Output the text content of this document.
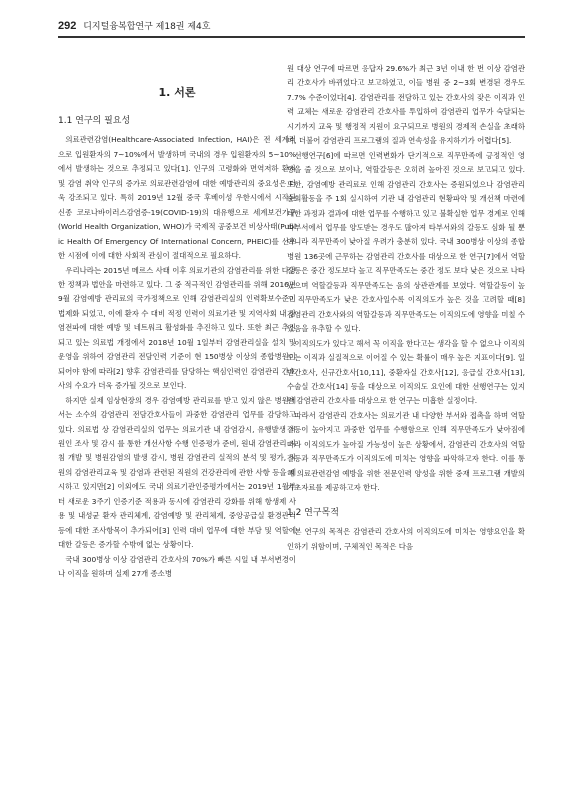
292 디지털융복합연구 제18권 제4호
1. 서론
1.1 연구의 필요성

의료관련감염(Healthcare-Associated Infection, HAI)은 전 세계적으로 입원환자의 7~10%에서 발생하며 국내의 경우 입원환자의 5~10%에서 발생하는 것으로 추정되고 있다[1]. 인구의 고령화와 면역저하 환자 및 감염 취약 인구의 증가로 의료관련감염에 대한 예방관리의 중요성은 더욱 강조되고 있다. 특히 2019년 12월 중국 후베이성 우한시에서 시작된 신종 코로나바이러스감염증-19(COVID-19)의 대유행으로 세계보건기구(World Health Organization, WHO)가 국제적 공중보건 비상사태(Public Health Of Emergency Of International Concern, PHEIC)를 선포한 시점에 이에 대한 사회적 관심이 절대적으로 필요하다.

우리나라는 2015년 메르스 사태 이후 의료기관의 감염관리를 위한 다양한 정책과 법안을 마련하고 있다. 그 중 적극적인 감염관리를 위해 2016년 9월 감염예방 관리료의 국가정책으로 인해 감염관리실의 인력확보수준이 법제화 되었고, 이에 환자 수 대비 적정 인력이 의료기관 및 지역사회 내 감염전파에 대한 예방 및 네트워크 활성화를 추진하고 있다. 또한 최근 추진되고 있는 의료법 개정에서 2018년 10월 1일부터 감염관리실을 설치 및 운영을 위하여 감염관리 전담인력 기준이 현 150병상 이상의 종합병원이 되어야 함에 따라[2] 향후 감염관리를 담당하는 핵심인력인 감염관리 간호사의 수요가 더욱 증가될 것으로 보인다.

하지만 실제 임상현장의 경우 감염예방 관리료를 받고 있지 않은 병원에서는 소수의 감염관리 전담간호사들이 과중한 감염관리 업무를 감당하고 있다. 의료법 상 감염관리실의 업무는 의료기관 내 감염감시, 유행발생 시 원인 조사 및 감시 를 통한 개선사항 수행 인증평가 준비, 원내 감염관리 지침 개발 및 병원감염의 발생 감시, 병원 감염관리 실적의 분석 및 평가, 직원의 감염관리교육 및 감염과 관련된 직원의 건강관리에 관한 사항 등을 제시하고 있지만[2] 이외에도 국내 의료기관인증평가에서는 2019년 1월부터 새로운 3주기 인증기준 적용과 동시에 감염관리 강화를 위해 항생제 사용 및 내성균 환자 관리체계, 감염예방 및 관리체계, 중앙공급실 환경관리 등에 대한 조사항목이 추가되어[3] 인력 대비 업무에 대한 부담 및 역할에 대한 갈등은 증가할 수밖에 없는 상황이다.

국내 300병상 이상 감염관리 간호사의 70%가 빠른 시일 내 부서변경이나 이직을 원하며 실제 27개 종소병

원 대상 연구에 따르면 응답자 29.6%가 최근 3년 이내 한 번 이상 감염관리 간호사가 바뀌었다고 보고하였고, 이들 병원 중 2~3회 변경된 경우도 7.7% 수준이었다[4]. 감염관리를 전담하고 있는 간호사의 잦은 이직과 인력 교체는 새로운 감염관리 간호사를 투입하여 감염관리 업무가 숙달되는 시기까지 교육 및 행정적 지원이 요구되므로 병원의 경제적 손실을 초래하며, 더불어 감염관리 프로그램의 질과 연속성을 유지하기가 어렵다[5].

선행연구[6]에 따르면 인력변화가 단기적으로 직무만족에 긍정적인 영향을 줄 것으로 보이나, 역할갈등은 오히려 높아진 것으로 보고되고 있다. 또한, 감염예방 관리료로 인해 감염관리 간호사는 증원되었으나 감염관리 순회활동을 주 1회 실시하여 기관 내 감염관리 현황파악 및 개선책 마련에 대한 과정과 결과에 대한 업무를 수행하고 있고 불확실한 업무 경계로 인해 타부서에서 업무를 양도받는 경우도 많아져 타부서와의 갈등도 심화 될 뿐 아니라 직무만족이 낮아질 우려가 충분히 있다. 국내 300병상 이상의 종합병원 136곳에 근무하는 감염관리 간호사를 대상으로 한 연구[7]에서 역할갈등은 중간 정도보다 높고 직무만족도는 중간 정도 보다 낮은 것으로 나타났으며 역할갈등과 직무만족도는 음의 상관관계를 보였다. 역할갈등이 높고 직무만족도가 낮은 간호사일수록 이직의도가 높은 것을 고려할 때[8] 감염관리 간호사와의 역할갈등과 직무만족도는 이직의도에 영향을 미칠 수 있음을 유추할 수 있다.

이직의도가 있다고 해서 꼭 이직을 한다고는 생각을 할 수 없으나 이직의도는 이직과 실질적으로 이어질 수 있는 확률이 매우 높은 지표이다[9]. 일반간호사, 신규간호사[10,11], 중환자실 간호사[12], 응급실 간호사[13], 수술실 간호사[14] 등을 대상으로 이직의도 요인에 대한 선행연구는 있지만 감염관리 간호사를 대상으로 한 연구는 미흡한 실정이다.

따라서 감염관리 간호사는 의료기관 내 다양한 부서와 접촉을 하며 역할갈등이 높아지고 과중한 업무를 수행함으로 인해 직무만족도가 낮아짐에 따라 이직의도가 높아질 가능성이 높은 상황에서, 감염관리 간호사의 역할갈등과 직무만족도가 이직의도에 미치는 영향을 파악하고자 한다. 이를 통해 의료관련감염 예방을 위한 전문인력 양성을 위한 중재 프로그램 개발의 기초자료를 제공하고자 한다.

1.2 연구목적

본 연구의 목적은 감염관리 간호사의 이직의도에 미치는 영향요인을 확인하기 위함이며, 구체적인 목적은 다음
